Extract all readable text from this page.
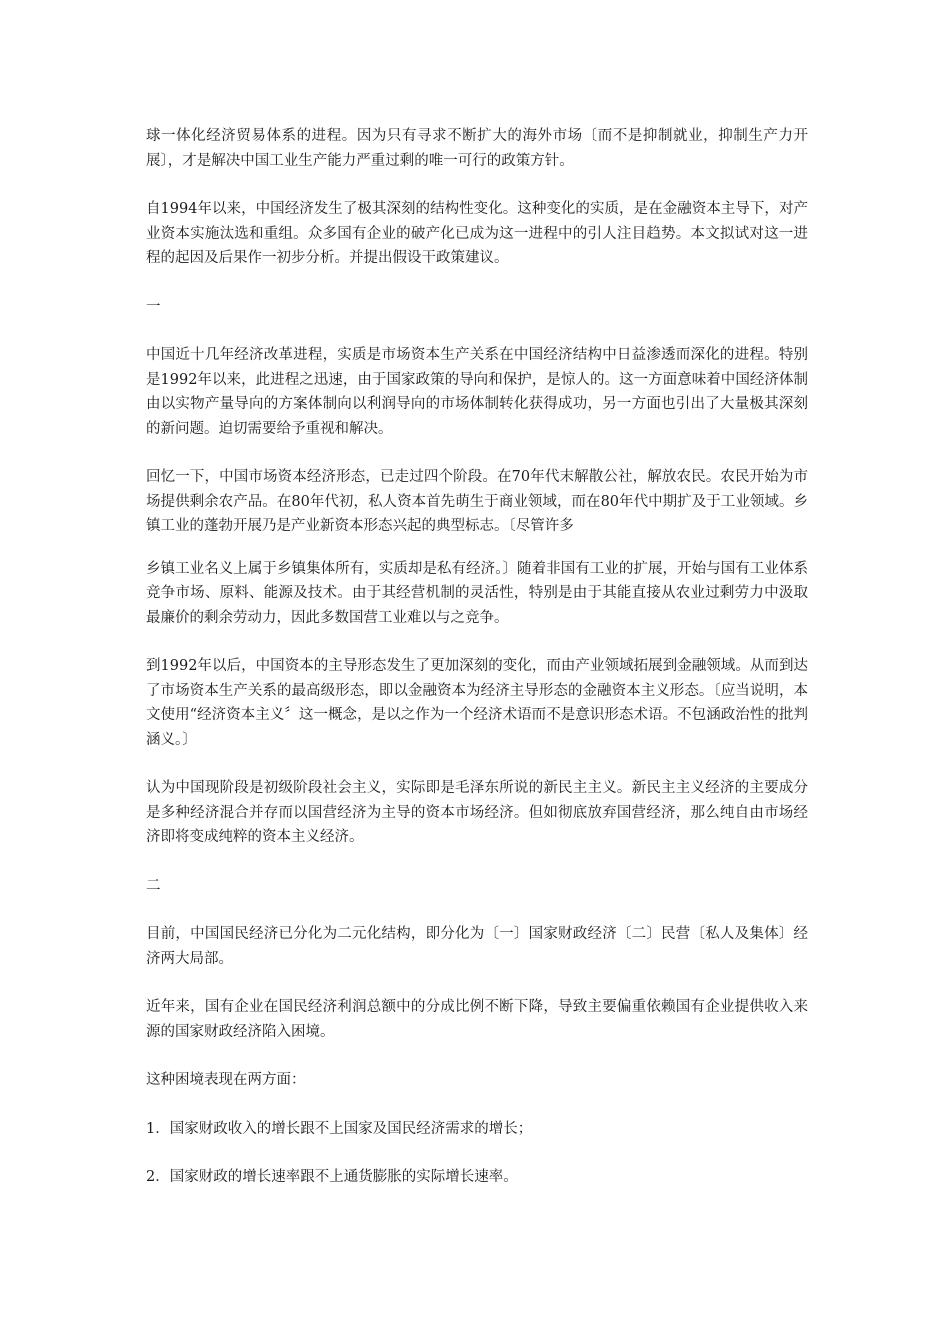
球一体化经济贸易体系的进程。因为只有寻求不断扩大的海外市场〔而不是抑制就业，抑制生产力开展〕，才是解决中国工业生产能力严重过剩的唯一可行的政策方针。

自1994年以来，中国经济发生了极其深刻的结构性变化。这种变化的实质，是在金融资本主导下，对产业资本实施汰选和重组。众多国有企业的破产化已成为这一进程中的引人注目趋势。本文拟试对这一进程的起因及后果作一初步分析。并提出假设干政策建议。

一

中国近十几年经济改革进程，实质是市场资本生产关系在中国经济结构中日益渗透而深化的进程。特别是1992年以来，此进程之迅速，由于国家政策的导向和保护，是惊人的。这一方面意味着中国经济体制由以实物产量导向的方案体制向以利润导向的市场体制转化获得成功，另一方面也引出了大量极其深刻的新问题。迫切需要给予重视和解决。

回忆一下，中国市场资本经济形态，已走过四个阶段。在70年代末解散公社，解放农民。农民开始为市场提供剩余农产品。在80年代初，私人资本首先萌生于商业领域，而在80年代中期扩及于工业领域。乡镇工业的蓬勃开展乃是产业新资本形态兴起的典型标志。〔尽管许多

乡镇工业名义上属于乡镇集体所有，实质却是私有经济。〕随着非国有工业的扩展，开始与国有工业体系竞争市场、原料、能源及技术。由于其经营机制的灵活性，特别是由于其能直接从农业过剩劳力中汲取最廉价的剩余劳动力，因此多数国营工业难以与之竞争。

到1992年以后，中国资本的主导形态发生了更加深刻的变化，而由产业领域拓展到金融领域。从而到达了市场资本生产关系的最高级形态，即以金融资本为经济主导形态的金融资本主义形态。〔应当说明，本文使用“经济资本主义〞这一概念，是以之作为一个经济术语而不是意识形态术语。不包涵政治性的批判涵义。〕

认为中国现阶段是初级阶段社会主义，实际即是毛泽东所说的新民主主义。新民主主义经济的主要成分是多种经济混合并存而以国营经济为主导的资本市场经济。但如彻底放弃国营经济，那么纯自由市场经济即将变成纯粹的资本主义经济。

二

目前，中国国民经济已分化为二元化结构，即分化为〔一〕国家财政经济〔二〕民营〔私人及集体〕经济两大局部。

近年来，国有企业在国民经济利润总额中的分成比例不断下降，导致主要偏重依赖国有企业提供收入来源的国家财政经济陷入困境。

这种困境表现在两方面：

1．国家财政收入的增长跟不上国家及国民经济需求的增长；

2．国家财政的增长速率跟不上通货膨胀的实际增长速率。
